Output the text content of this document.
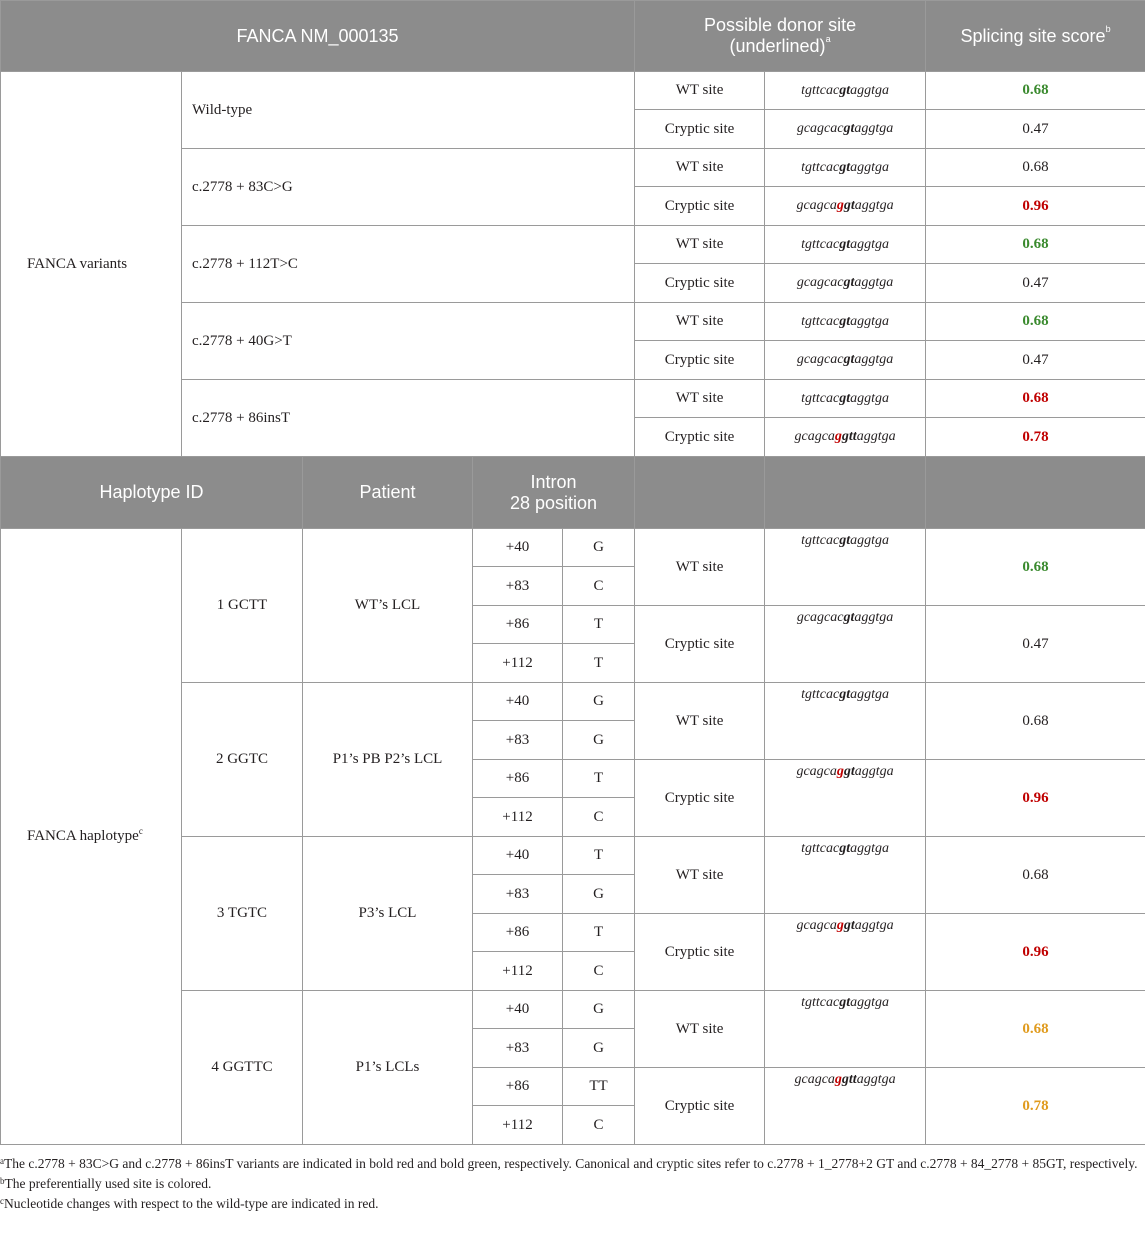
FANCA NM_000135					Possible donor site
(underlined)$^a$		Splicing site score$^b$
FANCA variants	Wild-type				WT site	tgttcacgtaggtga	0.68
					Cryptic site	gcagcacgtaggtga	0.47
	c.2778 + 83C>G				WT site	tgttcacgtaggtga	0.68
					Cryptic site	gcagcaggtaggtga	0.96
	c.2778 + 112T>C				WT site	tgttcacgtaggtga	0.68
					Cryptic site	gcagcacgtaggtga	0.47
	c.2778 + 40G>T				WT site	tgttcacgtaggtga	0.68
					Cryptic site	gcagcacgtaggtga	0.47
	c.2778 + 86insT				WT site	tgttcacgtaggtga	0.68
					Cryptic site	gcagcaggttaggtga	0.78
Haplotype ID		Patient	Intron
28 position				
FANCA haplotype$^c$	1 GCTT	WT’s LCL	+40	G	WT site	tgttcacgtaggtga	0.68
			+83	C			
			+86	T	Cryptic site	gcagcacgtaggtga	0.47
			+112	T			
	2 GGTC	P1’s PB P2’s LCL	+40	G	WT site	tgttcacgtaggtga	0.68
			+83	G			
			+86	T	Cryptic site	gcagcaggtaggtga	0.96
			+112	C			
	3 TGTC	P3’s LCL	+40	T	WT site	tgttcacgtaggtga	0.68
			+83	G			
			+86	T	Cryptic site	gcagcaggtaggtga	0.96
			+112	C			
	4 GGTTC	P1’s LCLs	+40	G	WT site	tgttcacgtaggtga	0.68
			+83	G			
			+86	TT	Cryptic site	gcagcaggttaggtga	0.78
			+112	C			

$^a$The c.2778 + 83C>G and c.2778 + 86insT variants are indicated in bold red and bold green, respectively. Canonical and cryptic sites refer to c.2778 + 1_2778+2 GT and c.2778 + 84_2778 + 85GT, respectively.

$^b$The preferentially used site is colored.

$^c$Nucleotide changes with respect to the wild-type are indicated in red.
